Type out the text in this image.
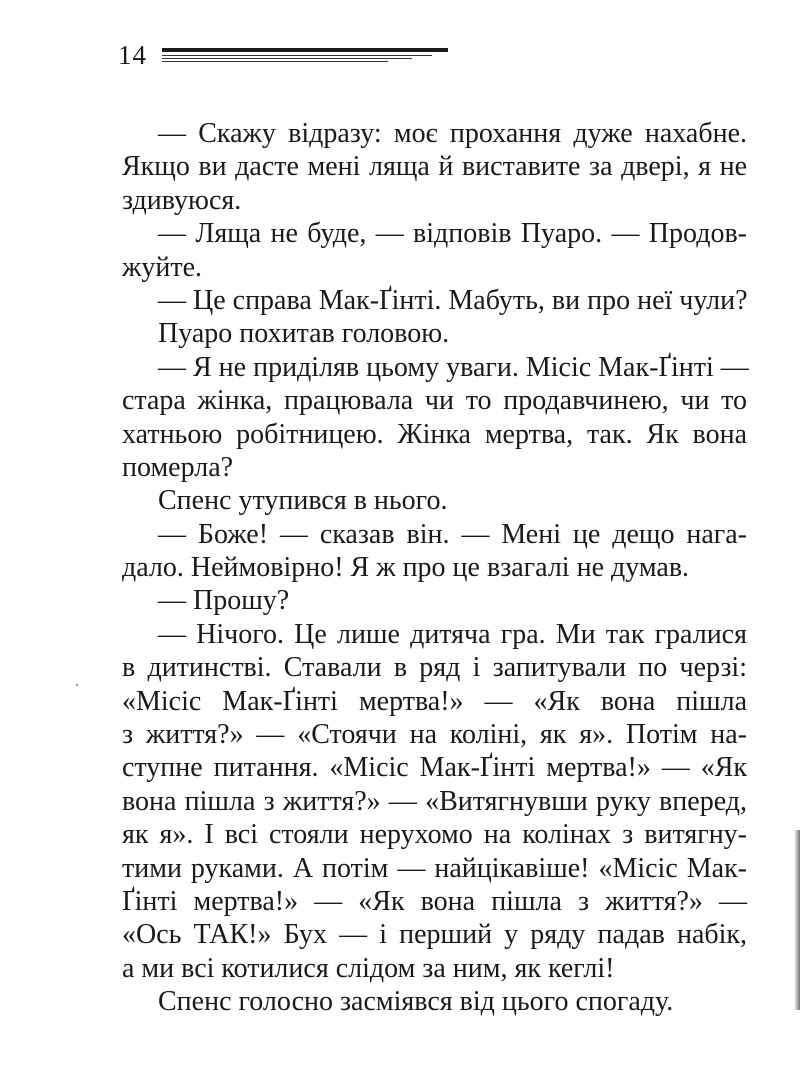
14
— Скажу відразу: моє прохання дуже нахабне.
Якщо ви дасте мені ляща й виставите за двері, я не
здивуюся.
— Ляща не буде, — відповів Пуаро. — Продов-
жуйте.
— Це справа Мак-Ґінті. Мабуть, ви про неї чули?
Пуаро похитав головою.
— Я не приділяв цьому уваги. Місіс Мак-Ґінті —
стара жінка, працювала чи то продавчинею, чи то
хатньою робітницею. Жінка мертва, так. Як вона
померла?
Спенс утупився в нього.
— Боже! — сказав він. — Мені це дещо нага-
дало. Неймовірно! Я ж про це взагалі не думав.
— Прошу?
— Нічого. Це лише дитяча гра. Ми так гралися
в дитинстві. Ставали в ряд і запитували по черзі:
«Місіс Мак-Ґінті мертва!» — «Як вона пішла
з життя?» — «Стоячи на коліні, як я». Потім на-
ступне питання. «Місіс Мак-Ґінті мертва!» — «Як
вона пішла з життя?» — «Витягнувши руку вперед,
як я». І всі стояли нерухомо на колінах з витягну-
тими руками. А потім — найцікавіше! «Місіс Мак-
Ґінті мертва!» — «Як вона пішла з життя?» —
«Ось ТАК!» Бух — і перший у ряду падав набік,
а ми всі котилися слідом за ним, як кеглі!
Спенс голосно засміявся від цього спогаду.
